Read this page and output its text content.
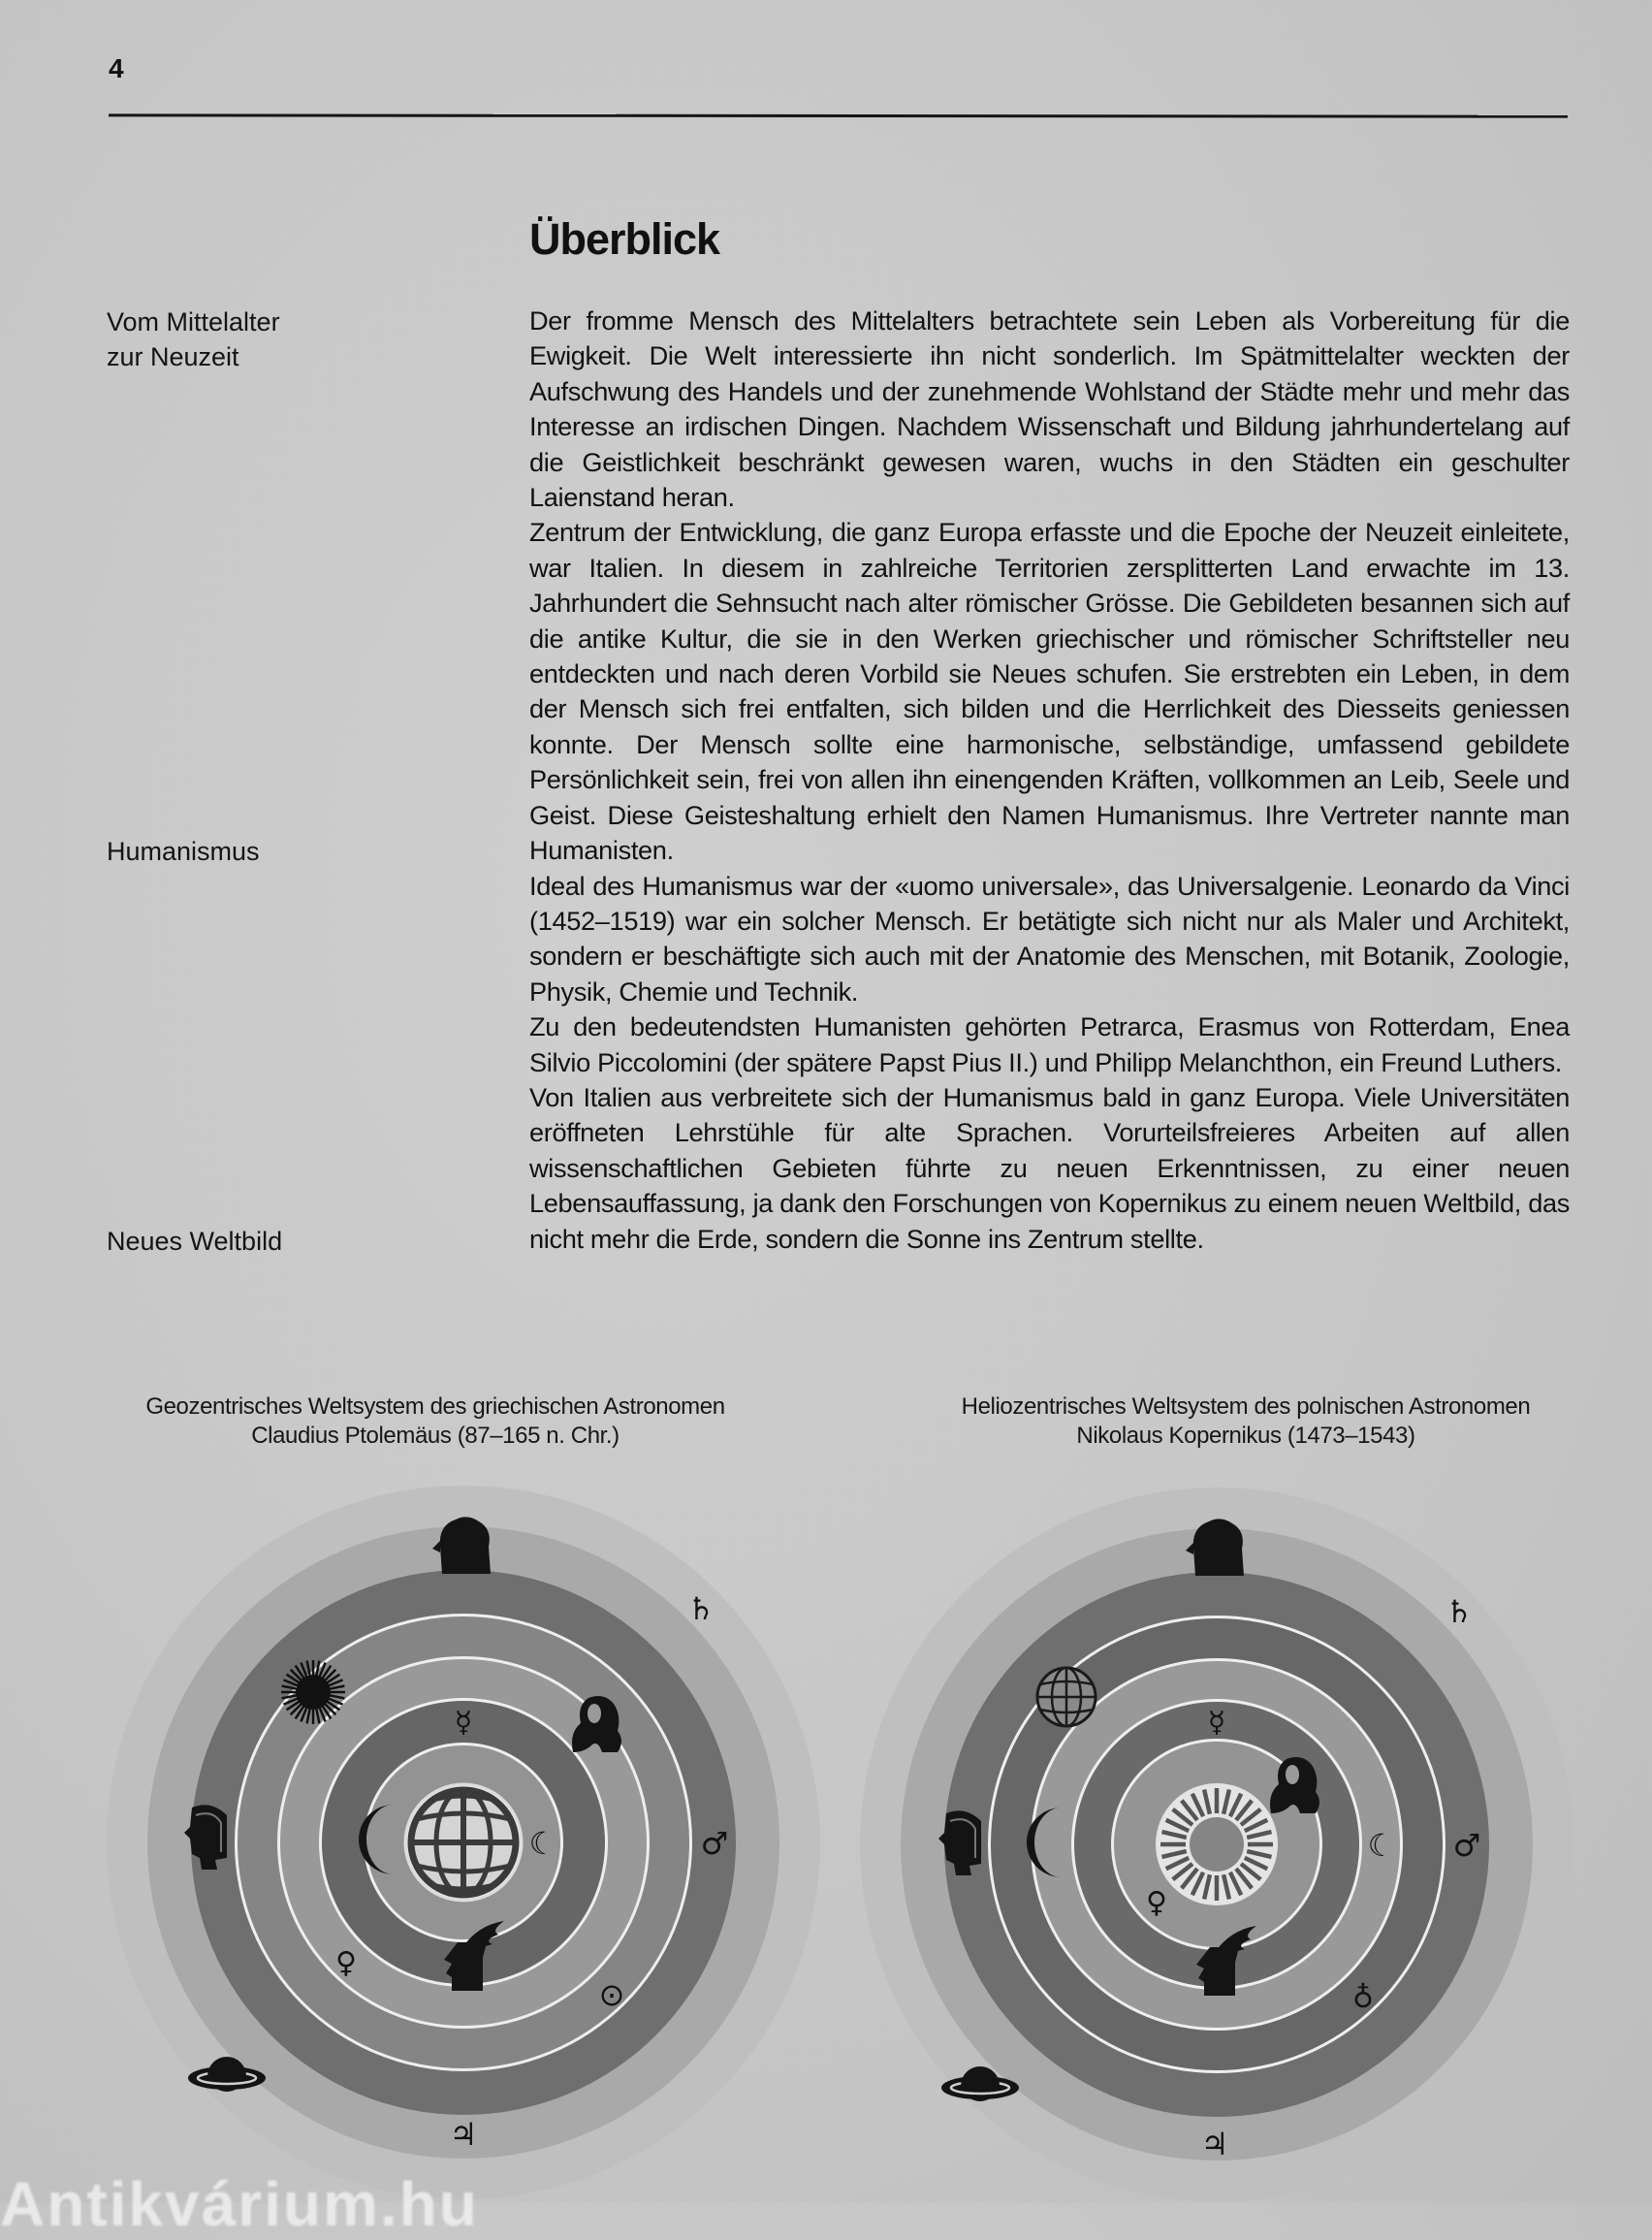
4
Überblick
Vom Mittelalter
zur Neuzeit
Humanismus
Neues Weltbild

Der fromme Mensch des Mittelalters betrachtete sein Leben als Vorbereitung für die Ewigkeit. Die Welt interessierte ihn nicht sonderlich. Im Spätmittelalter weckten der Aufschwung des Handels und der zunehmende Wohlstand der Städte mehr und mehr das Interesse an irdischen Dingen. Nachdem Wissenschaft und Bildung jahrhundertelang auf die Geistlichkeit beschränkt gewesen waren, wuchs in den Städten ein geschulter Laienstand heran.

Zentrum der Entwicklung, die ganz Europa erfasste und die Epoche der Neuzeit einleitete, war Italien. In diesem in zahlreiche Territorien zersplitterten Land erwachte im 13. Jahrhundert die Sehnsucht nach alter römischer Grösse. Die Gebildeten besannen sich auf die antike Kultur, die sie in den Werken griechischer und römischer Schriftsteller neu entdeckten und nach deren Vorbild sie Neues schufen. Sie erstrebten ein Leben, in dem der Mensch sich frei entfalten, sich bilden und die Herrlichkeit des Diesseits geniessen konnte. Der Mensch sollte eine harmonische, selbständige, umfassend gebildete Persönlichkeit sein, frei von allen ihn einengenden Kräften, vollkommen an Leib, Seele und Geist. Diese Geisteshaltung erhielt den Namen Humanismus. Ihre Vertreter nannte man Humanisten.

Ideal des Humanismus war der «uomo universale», das Universalgenie. Leonardo da Vinci (1452–1519) war ein solcher Mensch. Er betätigte sich nicht nur als Maler und Architekt, sondern er beschäftigte sich auch mit der Anatomie des Menschen, mit Botanik, Zoologie, Physik, Chemie und Technik.

Zu den bedeutendsten Humanisten gehörten Petrarca, Erasmus von Rotterdam, Enea Silvio Piccolomini (der spätere Papst Pius II.) und Philipp Melanchthon, ein Freund Luthers.

Von Italien aus verbreitete sich der Humanismus bald in ganz Europa. Viele Universitäten eröffneten Lehrstühle für alte Sprachen. Vorurteilsfreieres Arbeiten auf allen wissenschaftlichen Gebieten führte zu neuen Erkenntnissen, zu einer neuen Lebensauffassung, ja dank den Forschungen von Kopernikus zu einem neuen Weltbild, das nicht mehr die Erde, sondern die Sonne ins Zentrum stellte.

Geozentrisches Weltsystem des griechischen Astronomen
Claudius Ptolemäus (87–165 n. Chr.)
Heliozentrisches Weltsystem des polnischen Astronomen
Nikolaus Kopernikus (1473–1543)
☾
☿
♀
⊙
♂
♄
♃
☾
☿
♀
♁
♂
♄
♃
Antikvárium.hu
